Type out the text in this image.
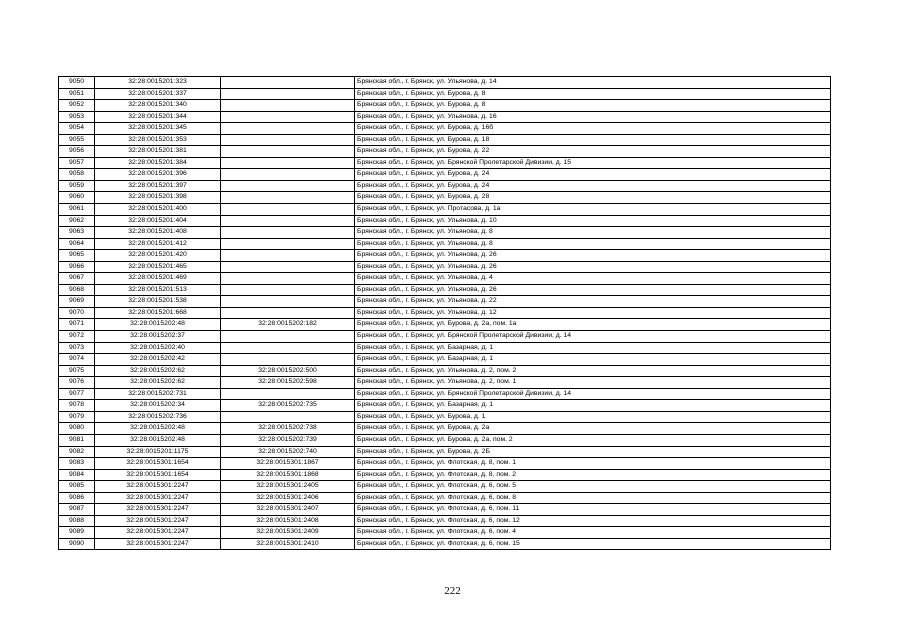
9050	32:28:0015201:323		Брянская обл., г. Брянск, ул. Ульянова, д. 14
9051	32:28:0015201:337		Брянская обл., г. Брянск, ул. Бурова, д. 8
9052	32:28:0015201:340		Брянская обл., г. Брянск, ул. Бурова, д. 8
9053	32:28:0015201:344		Брянская обл., г. Брянск, ул. Ульянова, д. 16
9054	32:28:0015201:345		Брянская обл., г. Брянск, ул. Бурова, д. 16б
9055	32:28:0015201:353		Брянская обл., г. Брянск, ул. Бурова, д. 18
9056	32:28:0015201:381		Брянская обл., г. Брянск, ул. Бурова, д. 22
9057	32:28:0015201:384		Брянская обл., г. Брянск, ул. Брянской Пролетарской Дивизии, д. 15
9058	32:28:0015201:396		Брянская обл., г. Брянск, ул. Бурова, д. 24
9059	32:28:0015201:397		Брянская обл., г. Брянск, ул. Бурова, д. 24
9060	32:28:0015201:398		Брянская обл., г. Брянск, ул. Бурова, д. 28
9061	32:28:0015201:400		Брянская обл., г. Брянск, ул. Протасова, д. 1а
9062	32:28:0015201:404		Брянская обл., г. Брянск, ул. Ульянова, д. 10
9063	32:28:0015201:408		Брянская обл., г. Брянск, ул. Ульянова, д. 8
9064	32:28:0015201:412		Брянская обл., г. Брянск, ул. Ульянова, д. 8
9065	32:28:0015201:420		Брянская обл., г. Брянск, ул. Ульянова, д. 26
9066	32:28:0015201:465		Брянская обл., г. Брянск, ул. Ульянова, д. 26
9067	32:28:0015201:469		Брянская обл., г. Брянск, ул. Ульянова, д. 4
9068	32:28:0015201:513		Брянская обл., г. Брянск, ул. Ульянова, д. 26
9069	32:28:0015201:538		Брянская обл., г. Брянск, ул. Ульянова, д. 22
9070	32:28:0015201:668		Брянская обл., г. Брянск, ул. Ульянова, д. 12
9071	32:28:0015202:48	32:28:0015202:182	Брянская обл., г. Брянск, ул. Бурова, д. 2а, пом. 1а
9072	32:28:0015202:37		Брянская обл., г. Брянск, ул. Брянской Пролетарской Дивизии, д. 14
9073	32:28:0015202:40		Брянская обл., г. Брянск, ул. Базарная, д. 1
9074	32:28:0015202:42		Брянская обл., г. Брянск, ул. Базарная, д. 1
9075	32:28:0015202:62	32:28:0015202:500	Брянская обл., г. Брянск, ул. Ульянова, д. 2, пом. 2
9076	32:28:0015202:62	32:28:0015202:598	Брянская обл., г. Брянск, ул. Ульянова, д. 2, пом. 1
9077	32:28:0015202:731		Брянская обл., г. Брянск, ул. Брянской Пролетарской Дивизии, д. 14
9078	32:28:0015202:34	32:28:0015202:735	Брянская обл., г. Брянск, ул. Базарная, д. 1
9079	32:28:0015202:736		Брянская обл., г. Брянск, ул. Бурова, д. 1
9080	32:28:0015202:48	32:28:0015202:738	Брянская обл., г. Брянск, ул. Бурова, д. 2а
9081	32:28:0015202:48	32:28:0015202:739	Брянская обл., г. Брянск, ул. Бурова, д. 2а, пом. 2
9082	32:28:0015201:1175	32:28:0015202:740	Брянская обл., г. Брянск, ул. Бурова, д. 2Б
9083	32:28:0015301:1654	32:28:0015301:1867	Брянская обл., г. Брянск, ул. Флотская, д. 8, пом. 1
9084	32:28:0015301:1654	32:28:0015301:1868	Брянская обл., г. Брянск, ул. Флотская, д. 8, пом. 2
9085	32:28:0015301:2247	32:28:0015301:2405	Брянская обл., г. Брянск, ул. Флотская, д. 6, пом. 5
9086	32:28:0015301:2247	32:28:0015301:2406	Брянская обл., г. Брянск, ул. Флотская, д. 6, пом. 8
9087	32:28:0015301:2247	32:28:0015301:2407	Брянская обл., г. Брянск, ул. Флотская, д. 6, пом. 11
9088	32:28:0015301:2247	32:28:0015301:2408	Брянская обл., г. Брянск, ул. Флотская, д. 6, пом. 12
9089	32:28:0015301:2247	32:28:0015301:2409	Брянская обл., г. Брянск, ул. Флотская, д. 6, пом. 4
9090	32:28:0015301:2247	32:28:0015301:2410	Брянская обл., г. Брянск, ул. Флотская, д. 6, пом. 15
222
